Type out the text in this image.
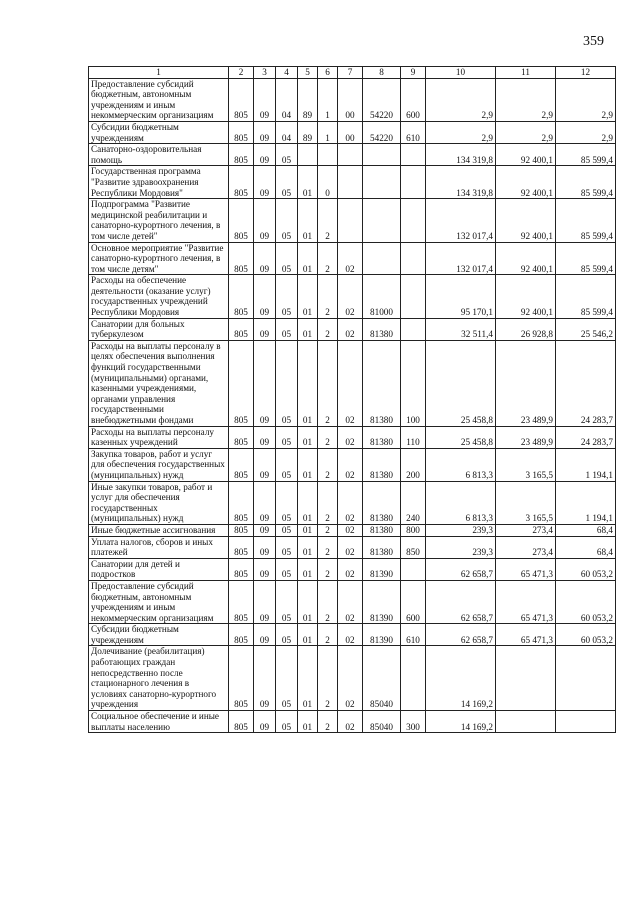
359
1	2	3	4	5	6	7	8	9	10	11	12
Предоставление субсидий бюджетным, автономным учреждениям и иным некоммерческим организациям	805	09	04	89	1	00	54220	600	2,9	2,9	2,9
Субсидии бюджетным учреждениям	805	09	04	89	1	00	54220	610	2,9	2,9	2,9
Санаторно-оздоровительная помощь	805	09	05						134 319,8	92 400,1	85 599,4
Государственная программа "Развитие здравоохранения Республики Мордовия"	805	09	05	01	0				134 319,8	92 400,1	85 599,4
Подпрограмма "Развитие медицинской реабилитации и санаторно-курортного лечения, в том числе детей"	805	09	05	01	2				132 017,4	92 400,1	85 599,4
Основное мероприятие "Развитие санаторно-курортного лечения, в том числе детям"	805	09	05	01	2	02			132 017,4	92 400,1	85 599,4
Расходы на обеспечение деятельности (оказание услуг) государственных учреждений Республики Мордовия	805	09	05	01	2	02	81000		95 170,1	92 400,1	85 599,4
Санатории для больных туберкулезом	805	09	05	01	2	02	81380		32 511,4	26 928,8	25 546,2
Расходы на выплаты персоналу в целях обеспечения выполнения функций государственными (муниципальными) органами, казенными учреждениями, органами управления государственными внебюджетными фондами	805	09	05	01	2	02	81380	100	25 458,8	23 489,9	24 283,7
Расходы на выплаты персоналу казенных учреждений	805	09	05	01	2	02	81380	110	25 458,8	23 489,9	24 283,7
Закупка товаров, работ и услуг для обеспечения государственных (муниципальных) нужд	805	09	05	01	2	02	81380	200	6 813,3	3 165,5	1 194,1
Иные закупки товаров, работ и услуг для обеспечения государственных (муниципальных) нужд	805	09	05	01	2	02	81380	240	6 813,3	3 165,5	1 194,1
Иные бюджетные ассигнования	805	09	05	01	2	02	81380	800	239,3	273,4	68,4
Уплата налогов, сборов и иных платежей	805	09	05	01	2	02	81380	850	239,3	273,4	68,4
Санатории для детей и подростков	805	09	05	01	2	02	81390		62 658,7	65 471,3	60 053,2
Предоставление субсидий бюджетным, автономным учреждениям и иным некоммерческим организациям	805	09	05	01	2	02	81390	600	62 658,7	65 471,3	60 053,2
Субсидии бюджетным учреждениям	805	09	05	01	2	02	81390	610	62 658,7	65 471,3	60 053,2
Долечивание (реабилитация) работающих граждан непосредственно после стационарного лечения в условиях санаторно-курортного учреждения	805	09	05	01	2	02	85040		14 169,2		
Социальное обеспечение и иные выплаты населению	805	09	05	01	2	02	85040	300	14 169,2		
